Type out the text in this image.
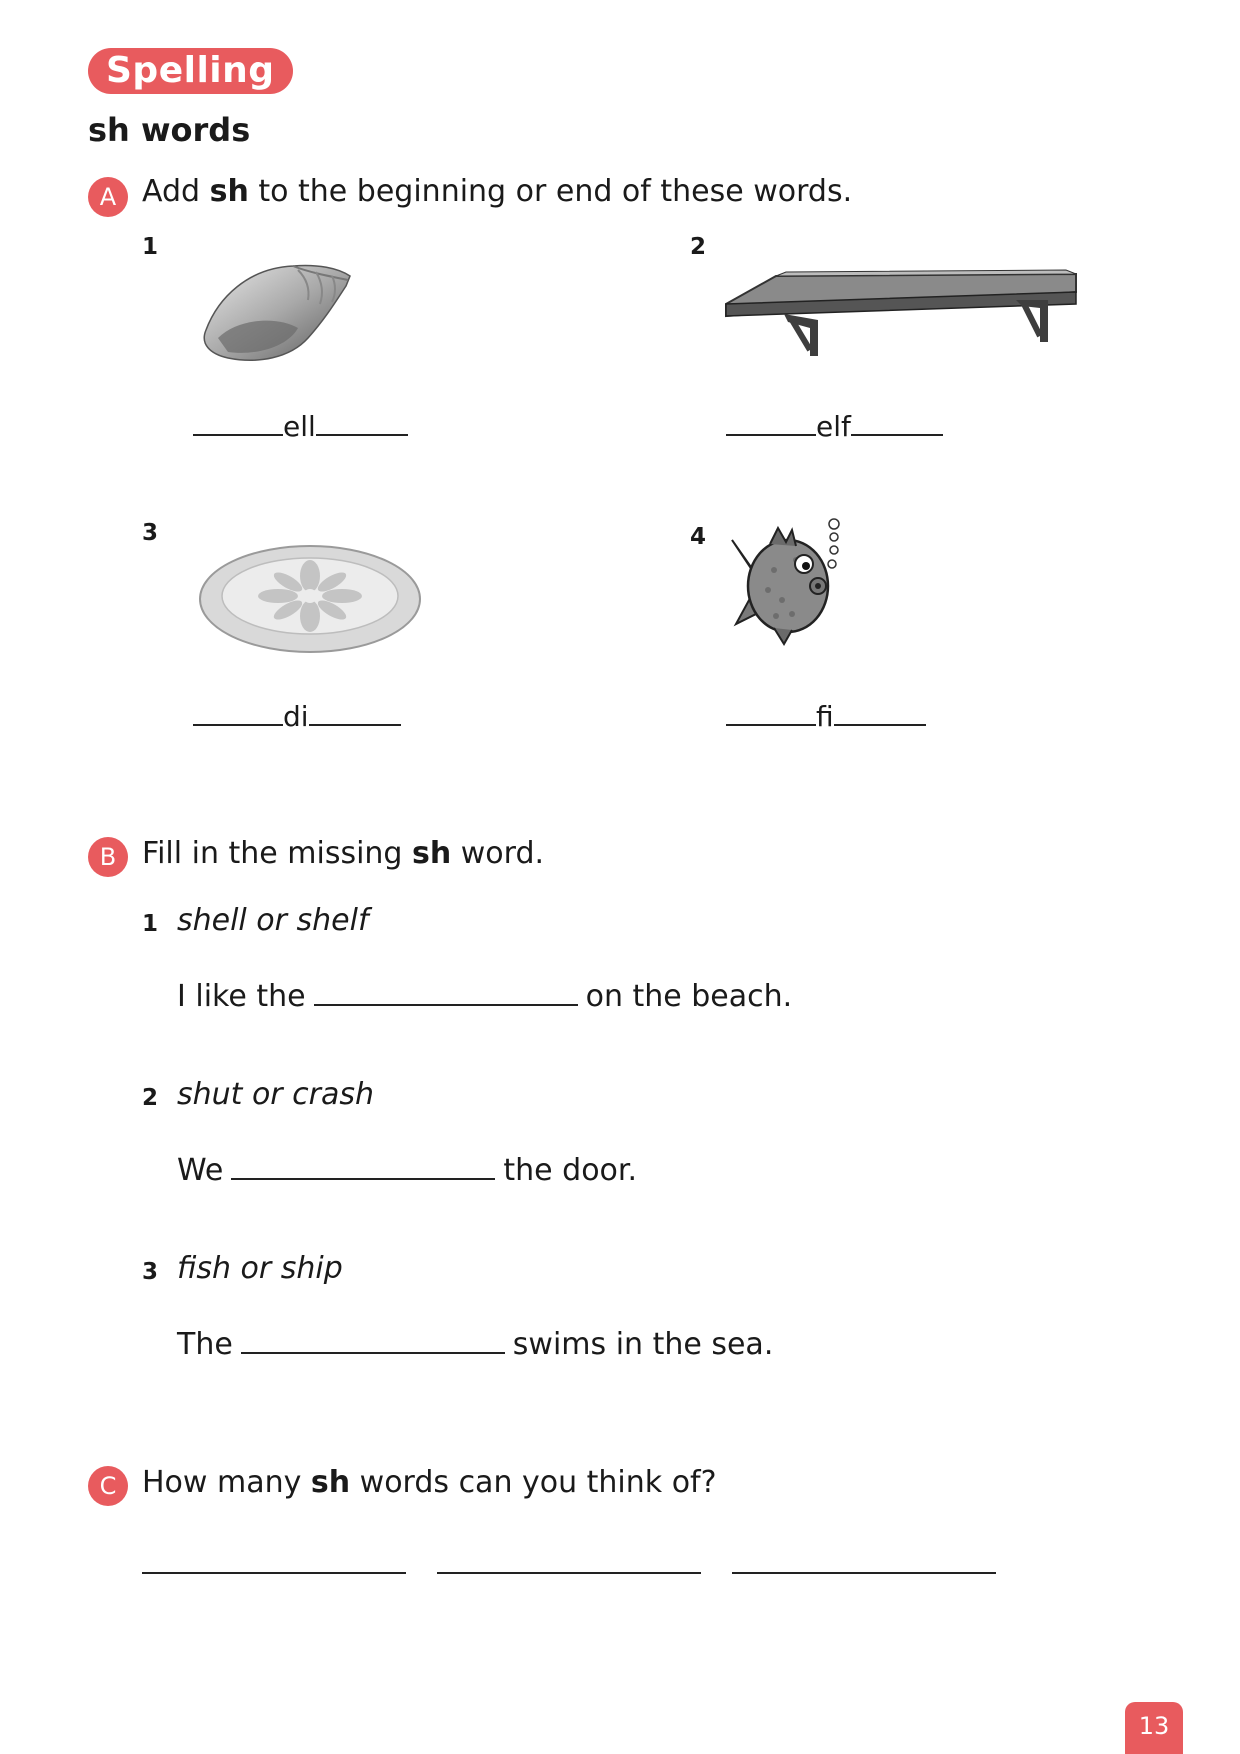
Spelling
sh words
A Add sh to the beginning or end of these words.
1
ell
2
elf
3
di
4
fi
B Fill in the missing sh word.
1 shell or shelf
I like the	on the beach.
2 shut or crash
We	the door.
3 fish or ship
The	swims in the sea.
C How many sh words can you think of?
13
